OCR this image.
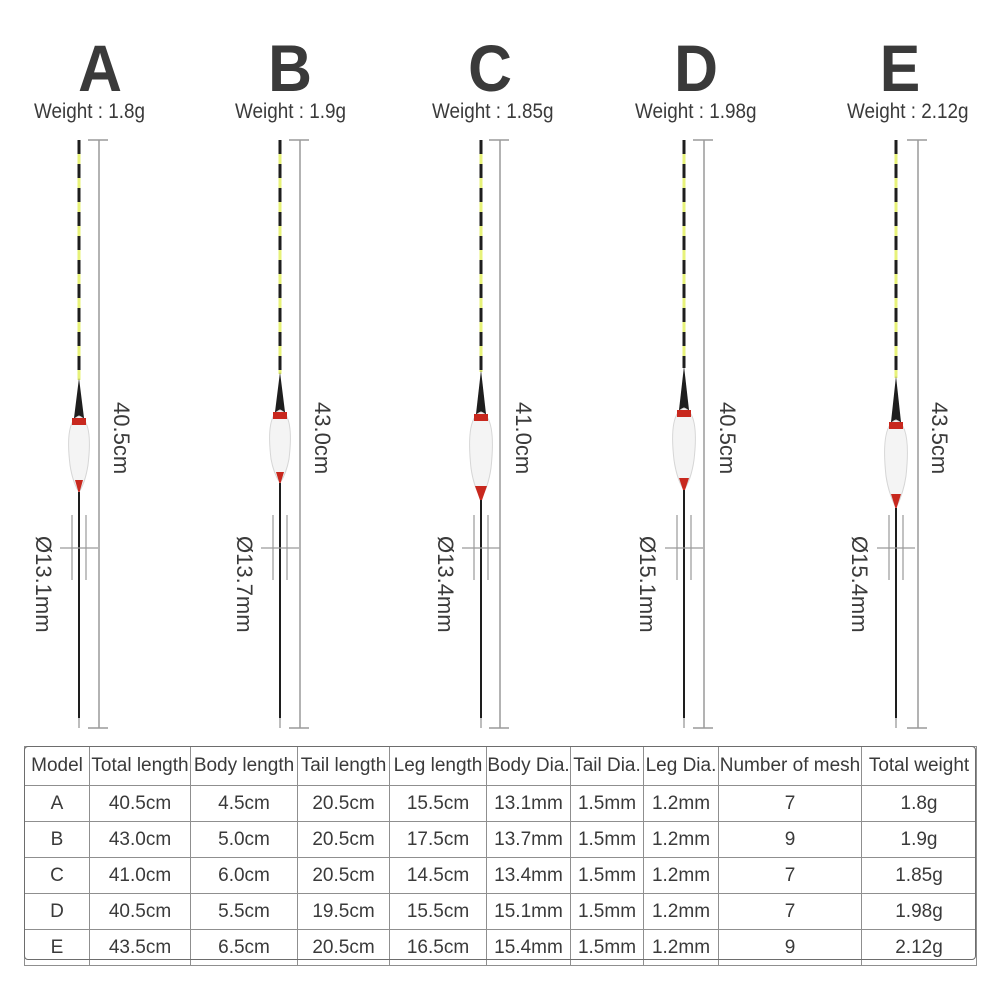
A
Weight : 1.8g
40.5cm
Ø13.1mm
B
Weight : 1.9g
43.0cm
Ø13.7mm
C
Weight : 1.85g
41.0cm
Ø13.4mm
D
Weight : 1.98g
40.5cm
Ø15.1mm
E
Weight : 2.12g
43.5cm
Ø15.4mm
Model	Total length	Body length	Tail length	Leg length	Body Dia.	Tail Dia.	Leg Dia.	Number of mesh	Total weight
A	40.5cm	4.5cm	20.5cm	15.5cm	13.1mm	1.5mm	1.2mm	7	1.8g
B	43.0cm	5.0cm	20.5cm	17.5cm	13.7mm	1.5mm	1.2mm	9	1.9g
C	41.0cm	6.0cm	20.5cm	14.5cm	13.4mm	1.5mm	1.2mm	7	1.85g
D	40.5cm	5.5cm	19.5cm	15.5cm	15.1mm	1.5mm	1.2mm	7	1.98g
E	43.5cm	6.5cm	20.5cm	16.5cm	15.4mm	1.5mm	1.2mm	9	2.12g
